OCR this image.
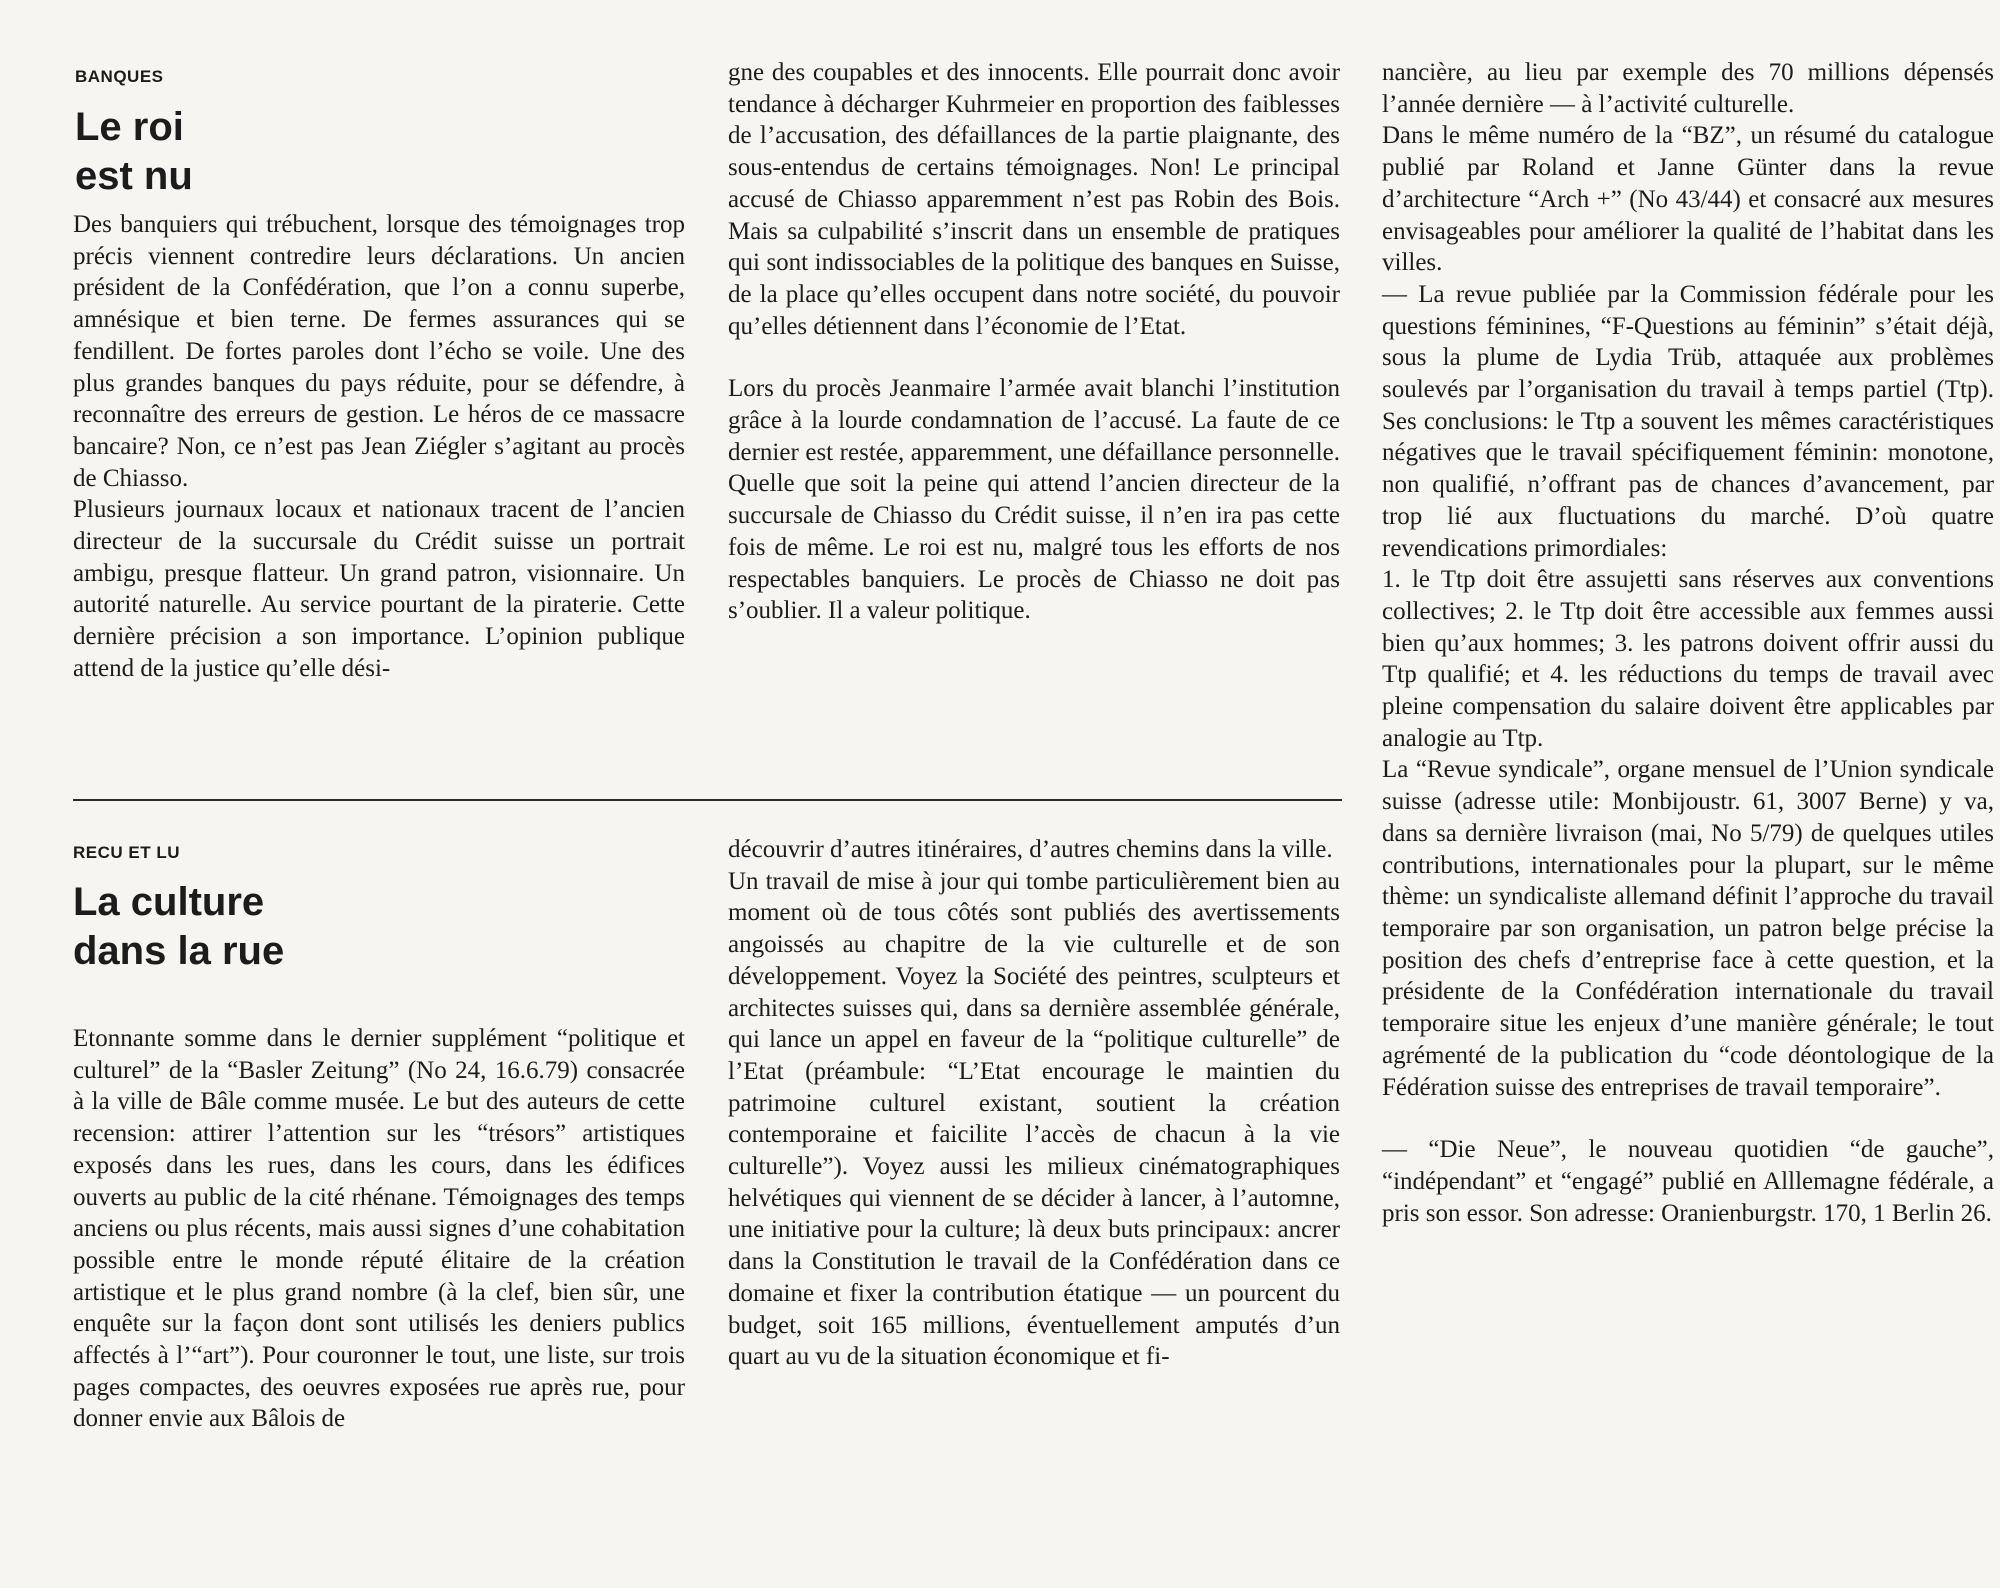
BANQUES
Le roi
est nu

Des banquiers qui trébuchent, lorsque des témoignages trop précis viennent contredire leurs déclarations. Un ancien président de la Confédération, que l’on a connu superbe, amnésique et bien terne. De fermes assurances qui se fendillent. De fortes paroles dont l’écho se voile. Une des plus grandes banques du pays réduite, pour se défendre, à reconnaître des erreurs de gestion. Le héros de ce massacre bancaire? Non, ce n’est pas Jean Ziégler s’agitant au procès de Chiasso.

Plusieurs journaux locaux et nationaux tracent de l’ancien directeur de la succursale du Crédit suisse un portrait ambigu, presque flatteur. Un grand patron, visionnaire. Un autorité naturelle. Au service pourtant de la piraterie. Cette dernière précision a son importance. L’opinion publique attend de la justice qu’elle dési-

gne des coupables et des innocents. Elle pourrait donc avoir tendance à décharger Kuhrmeier en proportion des faiblesses de l’accusation, des défaillances de la partie plaignante, des sous-entendus de certains témoignages. Non! Le principal accusé de Chiasso apparemment n’est pas Robin des Bois. Mais sa culpabilité s’inscrit dans un ensemble de pratiques qui sont indissociables de la politique des banques en Suisse, de la place qu’elles occupent dans notre société, du pouvoir qu’elles détiennent dans l’économie de l’Etat.

Lors du procès Jeanmaire l’armée avait blanchi l’institution grâce à la lourde condamnation de l’accusé. La faute de ce dernier est restée, apparemment, une défaillance personnelle. Quelle que soit la peine qui attend l’ancien directeur de la succursale de Chiasso du Crédit suisse, il n’en ira pas cette fois de même. Le roi est nu, malgré tous les efforts de nos respectables banquiers. Le procès de Chiasso ne doit pas s’oublier. Il a valeur politique.

RECU ET LU
La culture
dans la rue

Etonnante somme dans le dernier supplément “politique et culturel” de la “Basler Zeitung” (No 24, 16.6.79) consacrée à la ville de Bâle comme musée. Le but des auteurs de cette recension: attirer l’attention sur les “trésors” artistiques exposés dans les rues, dans les cours, dans les édifices ouverts au public de la cité rhénane. Témoignages des temps anciens ou plus récents, mais aussi signes d’une cohabitation possible entre le monde réputé élitaire de la création artistique et le plus grand nombre (à la clef, bien sûr, une enquête sur la façon dont sont utilisés les deniers publics affectés à l’“art”). Pour couronner le tout, une liste, sur trois pages compactes, des oeuvres exposées rue après rue, pour donner envie aux Bâlois de

découvrir d’autres itinéraires, d’autres chemins dans la ville.

Un travail de mise à jour qui tombe particulièrement bien au moment où de tous côtés sont publiés des avertissements angoissés au chapitre de la vie culturelle et de son développement. Voyez la Société des peintres, sculpteurs et architectes suisses qui, dans sa dernière assemblée générale, qui lance un appel en faveur de la “politique culturelle” de l’Etat (préambule: “L’Etat encourage le maintien du patrimoine culturel existant, soutient la création contemporaine et faicilite l’accès de chacun à la vie culturelle”). Voyez aussi les milieux cinématographiques helvétiques qui viennent de se décider à lancer, à l’automne, une initiative pour la culture; là deux buts principaux: ancrer dans la Constitution le travail de la Confédération dans ce domaine et fixer la contribution étatique — un pourcent du budget, soit 165 millions, éventuellement amputés d’un quart au vu de la situation économique et fi-

nancière, au lieu par exemple des 70 millions dépensés l’année dernière — à l’activité culturelle.

Dans le même numéro de la “BZ”, un résumé du catalogue publié par Roland et Janne Günter dans la revue d’architecture “Arch +” (No 43/44) et consacré aux mesures envisageables pour améliorer la qualité de l’habitat dans les villes.

— La revue publiée par la Commission fédérale pour les questions féminines, “F-Questions au féminin” s’était déjà, sous la plume de Lydia Trüb, attaquée aux problèmes soulevés par l’organisation du travail à temps partiel (Ttp). Ses conclusions: le Ttp a souvent les mêmes caractéristiques négatives que le travail spécifiquement féminin: monotone, non qualifié, n’offrant pas de chances d’avancement, par trop lié aux fluctuations du marché. D’où quatre revendications primordiales:

1. le Ttp doit être assujetti sans réserves aux conventions collectives; 2. le Ttp doit être accessible aux femmes aussi bien qu’aux hommes; 3. les patrons doivent offrir aussi du Ttp qualifié; et 4. les réductions du temps de travail avec pleine compensation du salaire doivent être applicables par analogie au Ttp.

La “Revue syndicale”, organe mensuel de l’Union syndicale suisse (adresse utile: Monbijoustr. 61, 3007 Berne) y va, dans sa dernière livraison (mai, No 5/79) de quelques utiles contributions, internationales pour la plupart, sur le même thème: un syndicaliste allemand définit l’approche du travail temporaire par son organisation, un patron belge précise la position des chefs d’entreprise face à cette question, et la présidente de la Confédération internationale du travail temporaire situe les enjeux d’une manière générale; le tout agrémenté de la publication du “code déontologique de la Fédération suisse des entreprises de travail temporaire”.

— “Die Neue”, le nouveau quotidien “de gauche”, “indépendant” et “engagé” publié en Alllemagne fédérale, a pris son essor. Son adresse: Oranienburgstr. 170, 1 Berlin 26.
